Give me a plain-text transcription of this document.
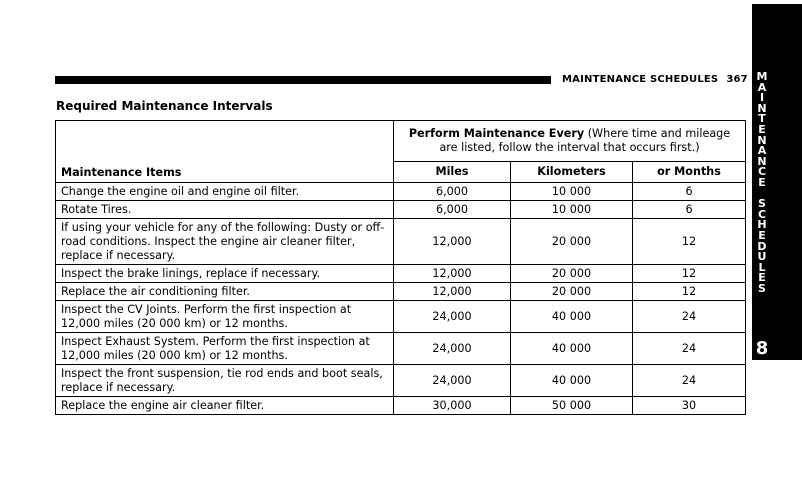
MAINTENANCE SCHEDULES 367 M
A
I
N
T
E
N
A
N
C
E
S
C
H
E
D
U
L
E
S
8
Required Maintenance Intervals
Maintenance Items	Perform Maintenance Every (Where time and mileage are listed, follow the interval that occurs first.)		
	Miles	Kilometers	or Months
Change the engine oil and engine oil filter.	6,000	10 000	6
Rotate Tires.	6,000	10 000	6
If using your vehicle for any of the following: Dusty or off-road conditions. Inspect the engine air cleaner filter, replace if necessary.	12,000	20 000	12
Inspect the brake linings, replace if necessary.	12,000	20 000	12
Replace the air conditioning filter.	12,000	20 000	12
Inspect the CV Joints. Perform the first inspection at 12,000 miles (20 000 km) or 12 months.	24,000	40 000	24
Inspect Exhaust System. Perform the first inspection at 12,000 miles (20 000 km) or 12 months.	24,000	40 000	24
Inspect the front suspension, tie rod ends and boot seals, replace if necessary.	24,000	40 000	24
Replace the engine air cleaner filter.	30,000	50 000	30
